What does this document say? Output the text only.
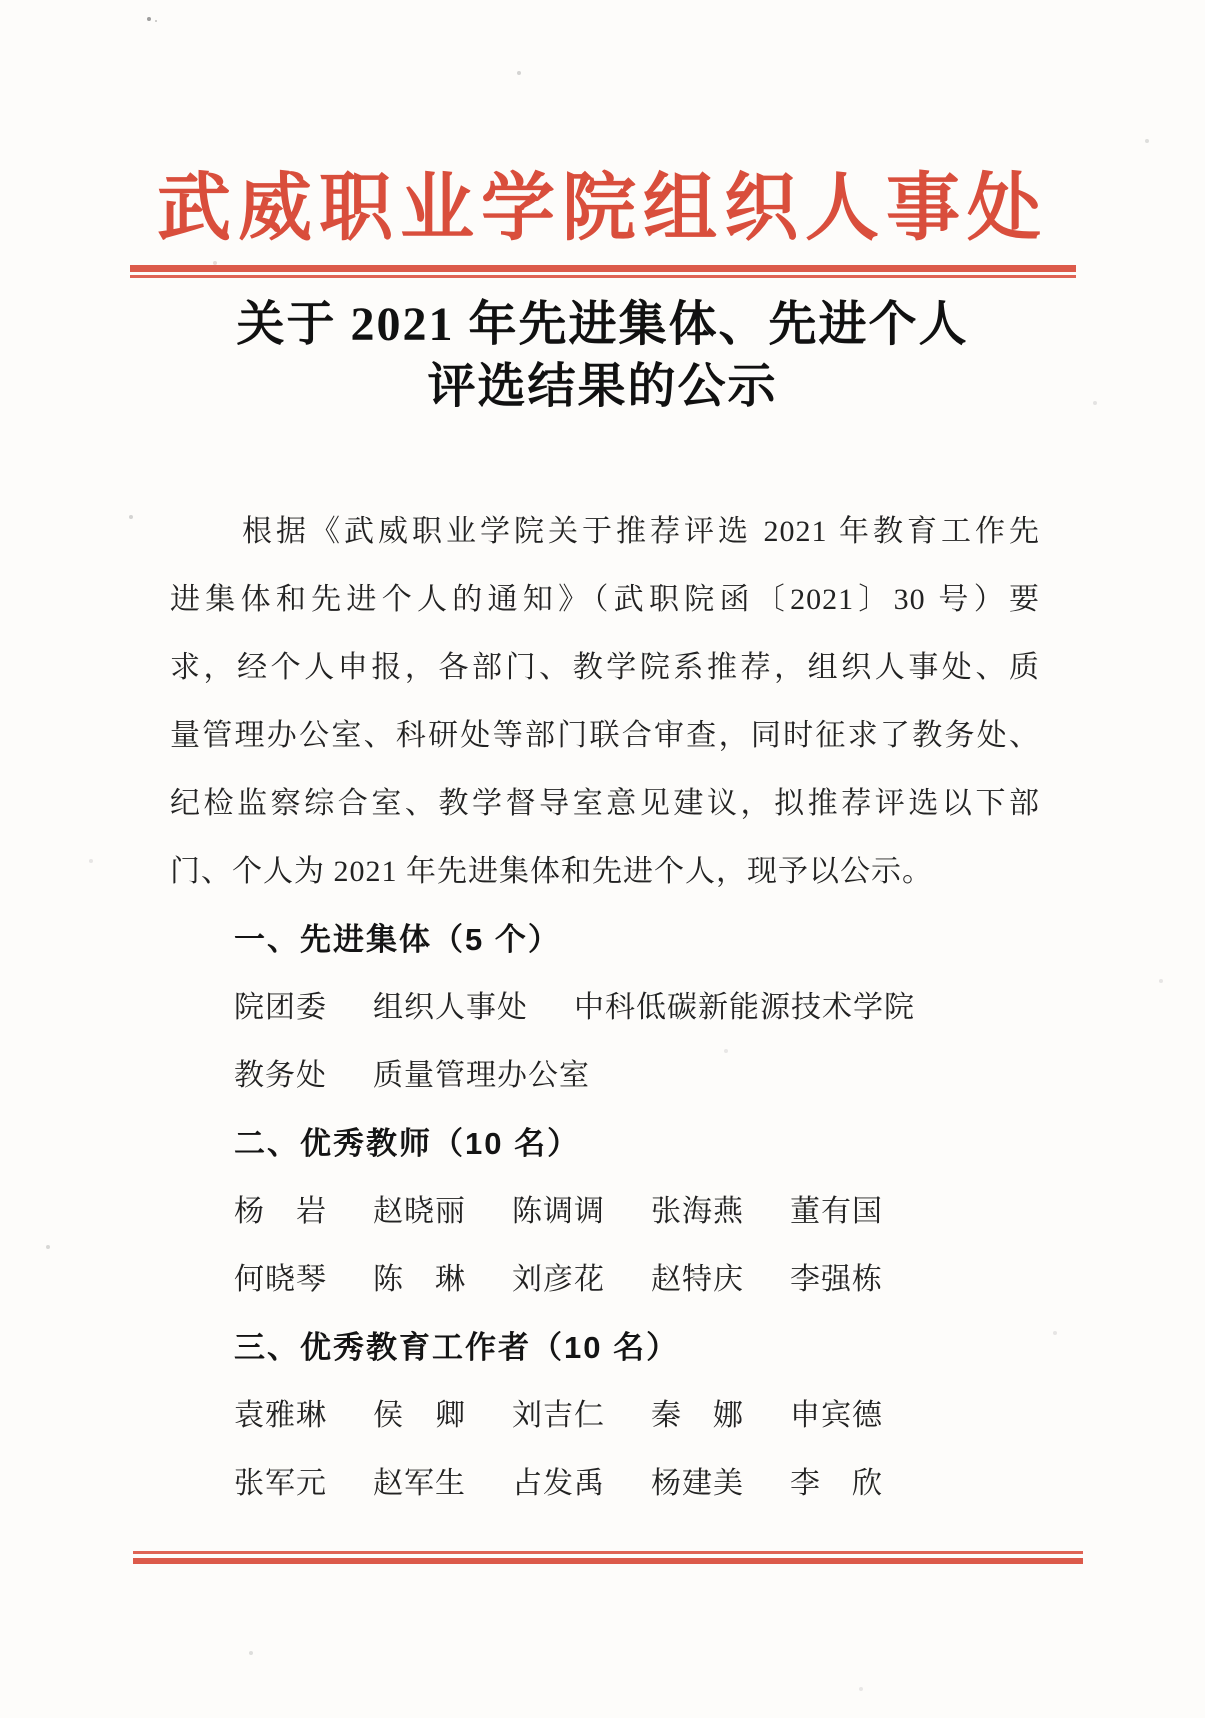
武威职业学院组织人事处
关于 2021 年先进集体、先进个人
评选结果的公示
根据《武威职业学院关于推荐评选 2021 年教育工作先
进集体和先进个人的通知》（武职院函〔2021〕30 号）要
求，经个人申报，各部门、教学院系推荐，组织人事处、质
量管理办公室、科研处等部门联合审查，同时征求了教务处、
纪检监察综合室、教学督导室意见建议，拟推荐评选以下部
门、个人为 2021 年先进集体和先进个人，现予以公示。
一、先进集体（5 个）
院团委 组织人事处 中科低碳新能源技术学院
教务处 质量管理办公室
二、优秀教师（10 名）
杨　岩 赵晓丽 陈调调 张海燕 董有国
何晓琴 陈　琳 刘彦花 赵特庆 李强栋
三、优秀教育工作者（10 名）
袁雅琳 侯　卿 刘吉仁 秦　娜 申宾德
张军元 赵军生 占发禹 杨建美 李　欣
